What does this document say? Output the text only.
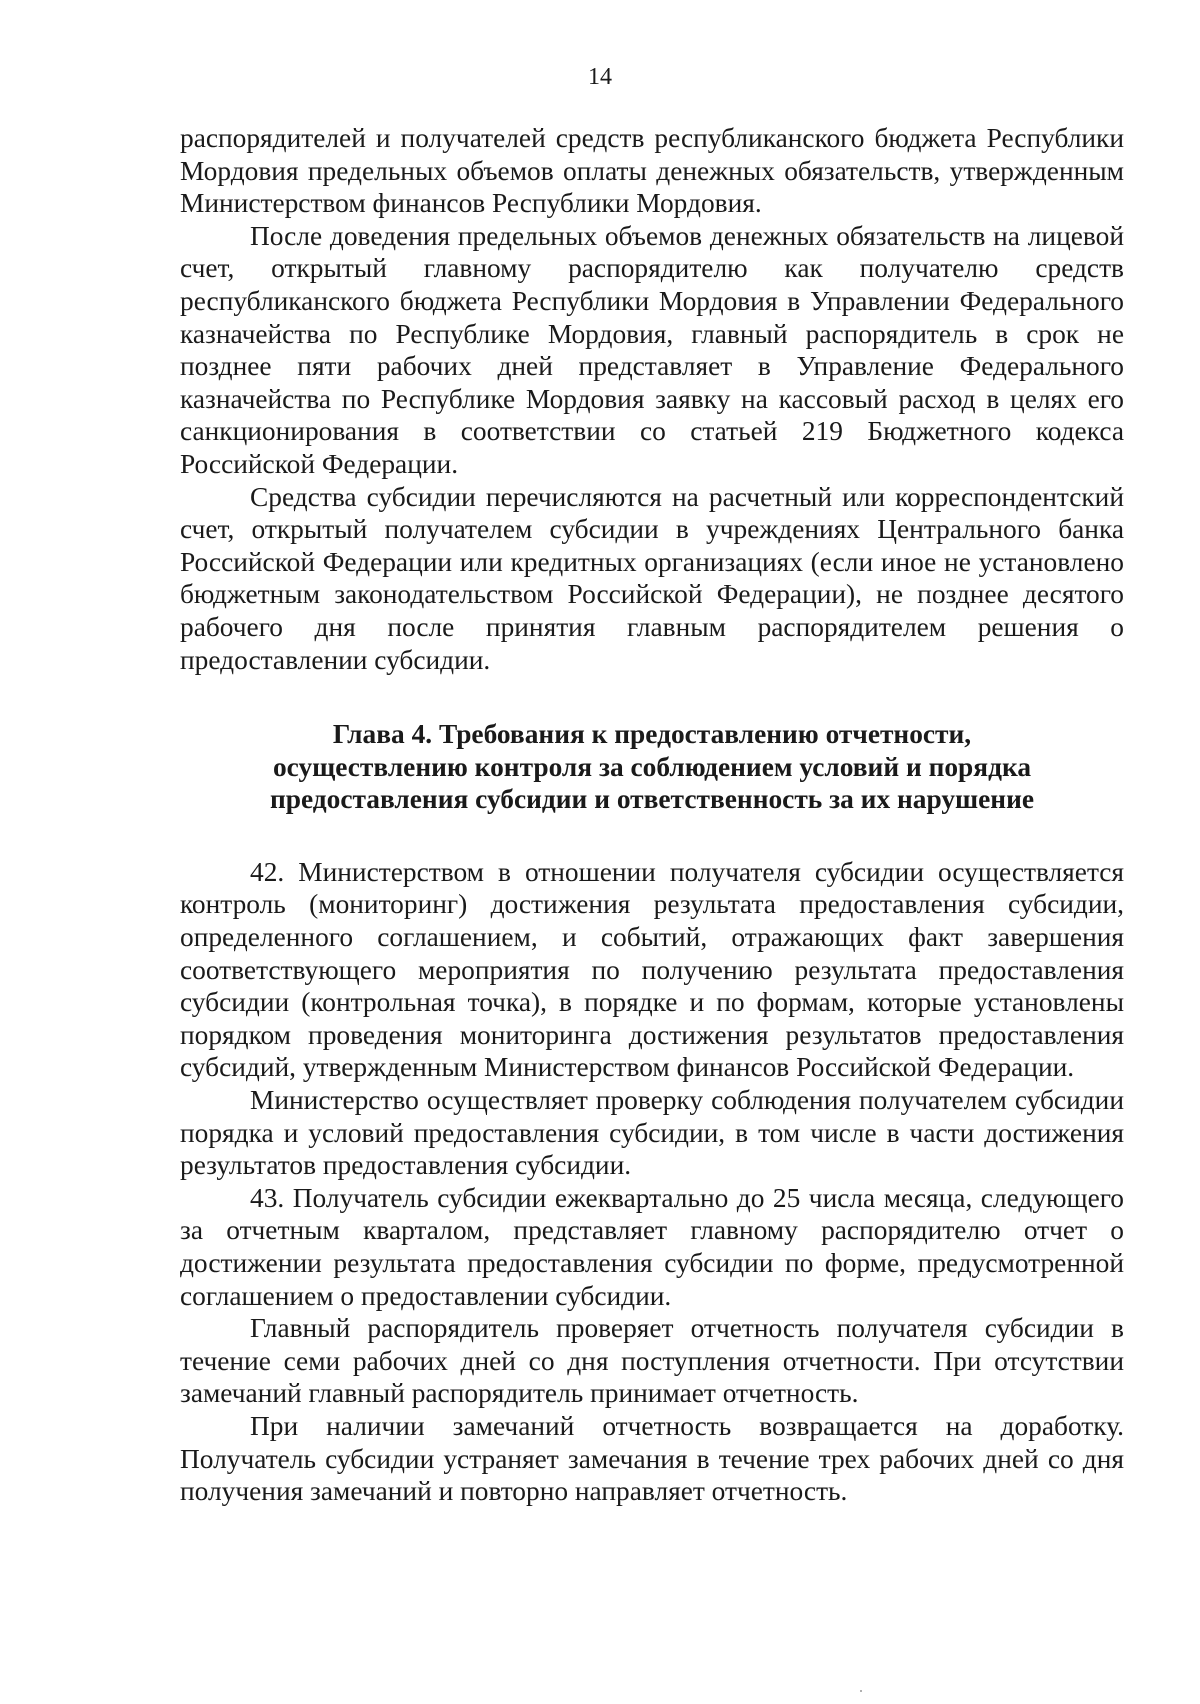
14

распорядителей и получателей средств республиканского бюджета Республики Мордовия предельных объемов оплаты денежных обязательств, утвержденным Министерством финансов Республики Мордовия.

После доведения предельных объемов денежных обязательств на лицевой счет, открытый главному распорядителю как получателю средств республиканского бюджета Республики Мордовия в Управлении Федерального казначейства по Республике Мордовия, главный распорядитель в срок не позднее пяти рабочих дней представляет в Управление Федерального казначейства по Республике Мордовия заявку на кассовый расход в целях его санкционирования в соответствии со статьей 219 Бюджетного кодекса Российской Федерации.

Средства субсидии перечисляются на расчетный или корреспондентский счет, открытый получателем субсидии в учреждениях Центрального банка Российской Федерации или кредитных организациях (если иное не установлено бюджетным законодательством Российской Федерации), не позднее десятого рабочего дня после принятия главным распорядителем решения о предоставлении субсидии.

Глава 4. Требования к предоставлению отчетности,
осуществлению контроля за соблюдением условий и порядка
предоставления субсидии и ответственность за их нарушение

42. Министерством в отношении получателя субсидии осуществляется контроль (мониторинг) достижения результата предоставления субсидии, определенного соглашением, и событий, отражающих факт завершения соответствующего мероприятия по получению результата предоставления субсидии (контрольная точка), в порядке и по формам, которые установлены порядком проведения мониторинга достижения результатов предоставления субсидий, утвержденным Министерством финансов Российской Федерации.

Министерство осуществляет проверку соблюдения получателем субсидии порядка и условий предоставления субсидии, в том числе в части достижения результатов предоставления субсидии.

43. Получатель субсидии ежеквартально до 25 числа месяца, следующего за отчетным кварталом, представляет главному распорядителю отчет о достижении результата предоставления субсидии по форме, предусмотренной соглашением о предоставлении субсидии.

Главный распорядитель проверяет отчетность получателя субсидии в течение семи рабочих дней со дня поступления отчетности. При отсутствии замечаний главный распорядитель принимает отчетность.

При наличии замечаний отчетность возвращается на доработку. Получатель субсидии устраняет замечания в течение трех рабочих дней со дня получения замечаний и повторно направляет отчетность.
